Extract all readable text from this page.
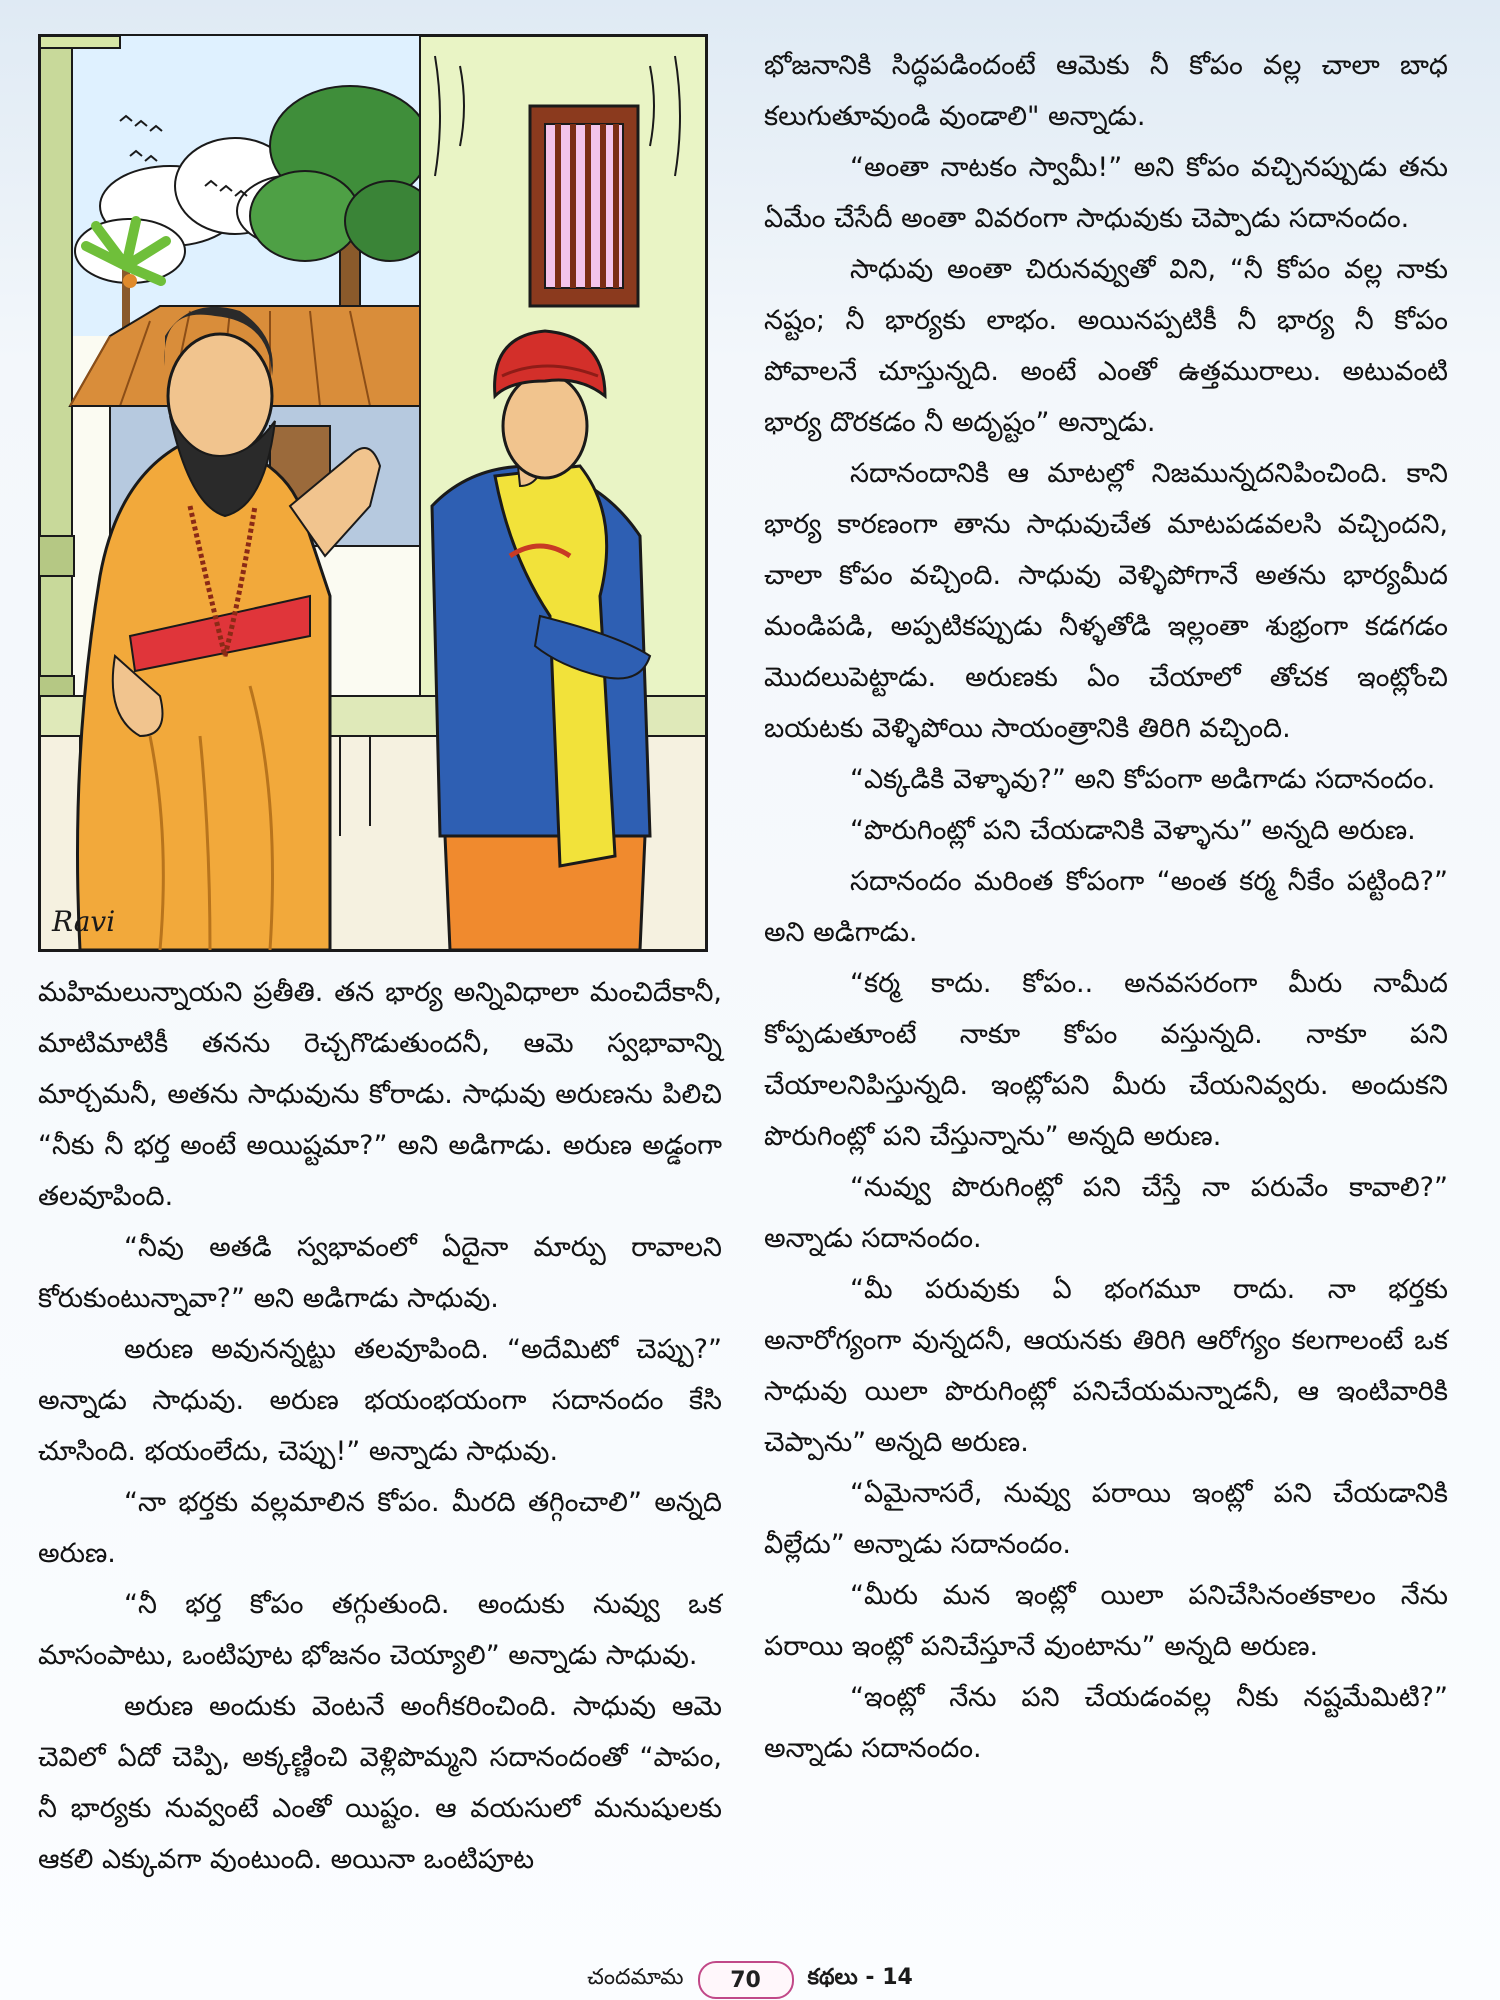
Ravi

భోజనానికి సిద్ధపడిందంటే ఆమెకు నీ కోపం వల్ల చాలా బాధ కలుగుతూవుండి వుండాలి" అన్నాడు.

“అంతా నాటకం స్వామీ!” అని కోపం వచ్చినప్పుడు తను ఏమేం చేసేదీ అంతా వివరంగా సాధువుకు చెప్పాడు సదానందం.

సాధువు అంతా చిరునవ్వుతో విని, “నీ కోపం వల్ల నాకు నష్టం; నీ భార్యకు లాభం. అయినప్పటికీ నీ భార్య నీ కోపం పోవాలనే చూస్తున్నది. అంటే ఎంతో ఉత్తమురాలు. అటువంటి భార్య దొరకడం నీ అదృష్టం” అన్నాడు.

సదానందానికి ఆ మాటల్లో నిజమున్నదనిపించింది. కాని భార్య కారణంగా తాను సాధువుచేత మాటపడవలసి వచ్చిందని, చాలా కోపం వచ్చింది. సాధువు వెళ్ళిపోగానే అతను భార్యమీద మండిపడి, అప్పటికప్పుడు నీళ్ళతోడి ఇల్లంతా శుభ్రంగా కడగడం మొదలుపెట్టాడు. అరుణకు ఏం చేయాలో తోచక ఇంట్లోంచి బయటకు వెళ్ళిపోయి సాయంత్రానికి తిరిగి వచ్చింది.

“ఎక్కడికి వెళ్ళావు?” అని కోపంగా అడిగాడు సదానందం.

“పొరుగింట్లో పని చేయడానికి వెళ్ళాను” అన్నది అరుణ.

సదానందం మరింత కోపంగా “అంత కర్మ నీకేం పట్టింది?” అని అడిగాడు.

“కర్మ కాదు. కోపం.. అనవసరంగా మీరు నామీద కోప్పడుతూంటే నాకూ కోపం వస్తున్నది. నాకూ పని చేయాలనిపిస్తున్నది. ఇంట్లోపని మీరు చేయనివ్వరు. అందుకని పొరుగింట్లో పని చేస్తున్నాను” అన్నది అరుణ.

“నువ్వు పొరుగింట్లో పని చేస్తే నా పరువేం కావాలి?” అన్నాడు సదానందం.

“మీ పరువుకు ఏ భంగమూ రాదు. నా భర్తకు అనారోగ్యంగా వున్నదనీ, ఆయనకు తిరిగి ఆరోగ్యం కలగాలంటే ఒక సాధువు యిలా పొరుగింట్లో పనిచేయమన్నాడనీ, ఆ ఇంటివారికి చెప్పాను” అన్నది అరుణ.

“ఏమైనాసరే, నువ్వు పరాయి ఇంట్లో పని చేయడానికి వీల్లేదు” అన్నాడు సదానందం.

“మీరు మన ఇంట్లో యిలా పనిచేసినంతకాలం నేను పరాయి ఇంట్లో పనిచేస్తూనే వుంటాను” అన్నది అరుణ.

“ఇంట్లో నేను పని చేయడంవల్ల నీకు నష్టమేమిటి?” అన్నాడు సదానందం.

మహిమలున్నాయని ప్రతీతి. తన భార్య అన్నివిధాలా మంచిదేకానీ, మాటిమాటికీ తనను రెచ్చగొడుతుందనీ, ఆమె స్వభావాన్ని మార్చమనీ, అతను సాధువును కోరాడు. సాధువు అరుణను పిలిచి “నీకు నీ భర్త అంటే అయిష్టమా?” అని అడిగాడు. అరుణ అడ్డంగా తలవూపింది.

“నీవు అతడి స్వభావంలో ఏదైనా మార్పు రావాలని కోరుకుంటున్నావా?” అని అడిగాడు సాధువు.

అరుణ అవునన్నట్టు తలవూపింది. “అదేమిటో చెప్పు?” అన్నాడు సాధువు. అరుణ భయంభయంగా సదానందం కేసి చూసింది. భయంలేదు, చెప్పు!” అన్నాడు సాధువు.

“నా భర్తకు వల్లమాలిన కోపం. మీరది తగ్గించాలి” అన్నది అరుణ.

“నీ భర్త కోపం తగ్గుతుంది. అందుకు నువ్వు ఒక మాసంపాటు, ఒంటిపూట భోజనం చెయ్యాలి” అన్నాడు సాధువు.

అరుణ అందుకు వెంటనే అంగీకరించింది. సాధువు ఆమె చెవిలో ఏదో చెప్పి, అక్కణ్ణించి వెళ్లిపొమ్మని సదానందంతో “పాపం, నీ భార్యకు నువ్వంటే ఎంతో యిష్టం. ఆ వయసులో మనుషులకు ఆకలి ఎక్కువగా వుంటుంది. అయినా ఒంటిపూట

చందమామ	70	కథలు - 14
